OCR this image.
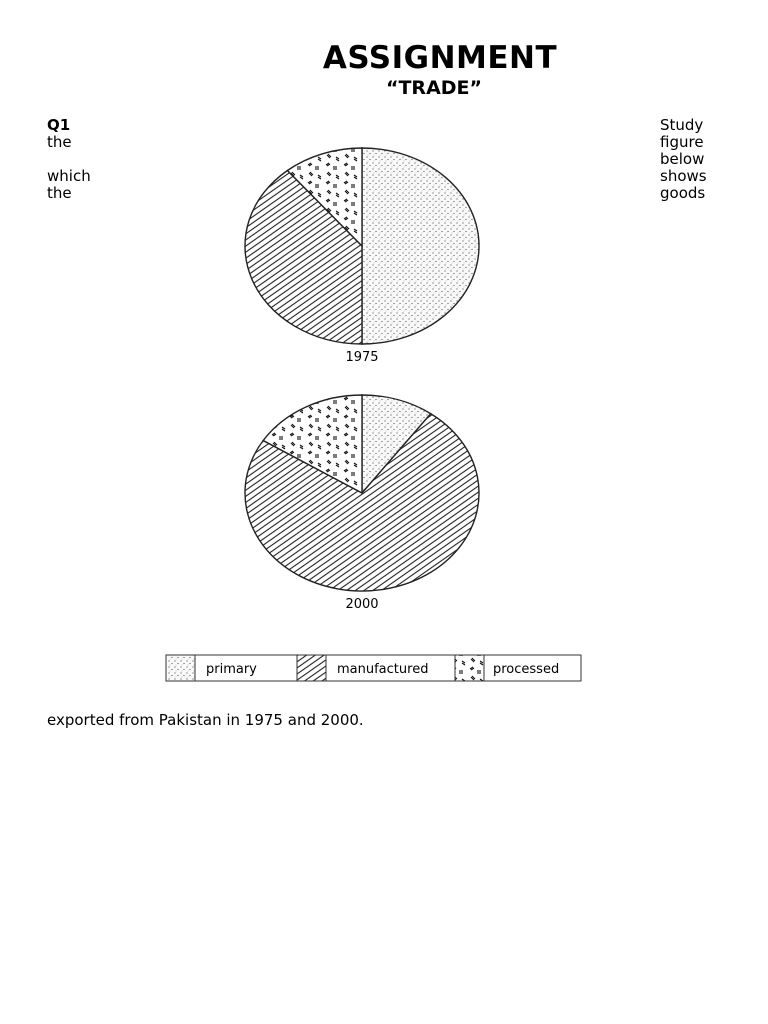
ASSIGNMENT
“TRADE”
Q1
the
which
the
Study
figure
below
shows
goods
1975
2000
primary	manufactured	processed
exported from Pakistan in 1975 and 2000.
